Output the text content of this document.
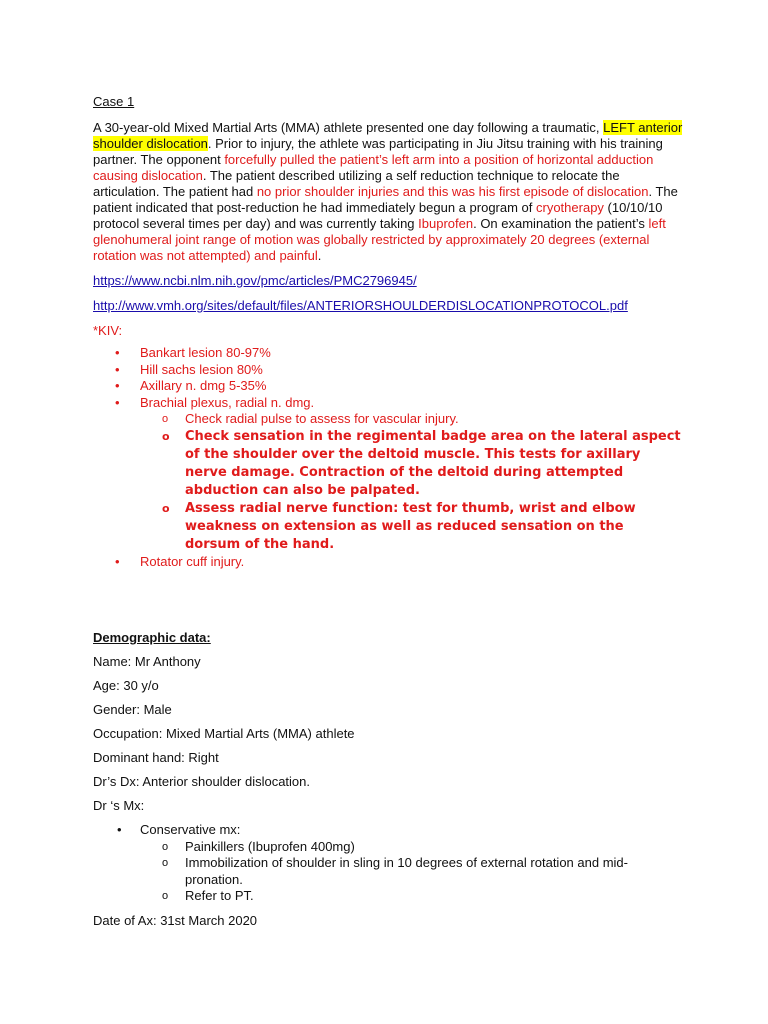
Case 1

A 30-year-old Mixed Martial Arts (MMA) athlete presented one day following a traumatic, LEFT anterior shoulder dislocation. Prior to injury, the athlete was participating in Jiu Jitsu training with his training partner. The opponent forcefully pulled the patient’s left arm into a position of horizontal adduction causing dislocation. The patient described utilizing a self reduction technique to relocate the articulation. The patient had no prior shoulder injuries and this was his first episode of dislocation. The patient indicated that post-reduction he had immediately begun a program of cryotherapy (10/10/10 protocol several times per day) and was currently taking Ibuprofen. On examination the patient’s left glenohumeral joint range of motion was globally restricted by approximately 20 degrees (external rotation was not attempted) and painful.

https://www.ncbi.nlm.nih.gov/pmc/articles/PMC2796945/
http://www.vmh.org/sites/default/files/ANTERIORSHOULDERDISLOCATIONPROTOCOL.pdf
*KIV:
• Bankart lesion 80-97%
• Hill sachs lesion 80%
• Axillary n. dmg 5-35%
• Brachial plexus, radial n. dmg.
o Check radial pulse to assess for vascular injury.
o Check sensation in the regimental badge area on the lateral aspect of the shoulder over the deltoid muscle. This tests for axillary nerve damage. Contraction of the deltoid during attempted abduction can also be palpated.
o Assess radial nerve function: test for thumb, wrist and elbow weakness on extension as well as reduced sensation on the dorsum of the hand.
• Rotator cuff injury.
Demographic data:
Name: Mr Anthony
Age: 30 y/o
Gender: Male
Occupation: Mixed Martial Arts (MMA) athlete
Dominant hand: Right
Dr’s Dx: Anterior shoulder dislocation.
Dr ‘s Mx:
• Conservative mx:
o Painkillers (Ibuprofen 400mg)
o Immobilization of shoulder in sling in 10 degrees of external rotation and mid-pronation.
o Refer to PT.
Date of Ax: 31st March 2020
